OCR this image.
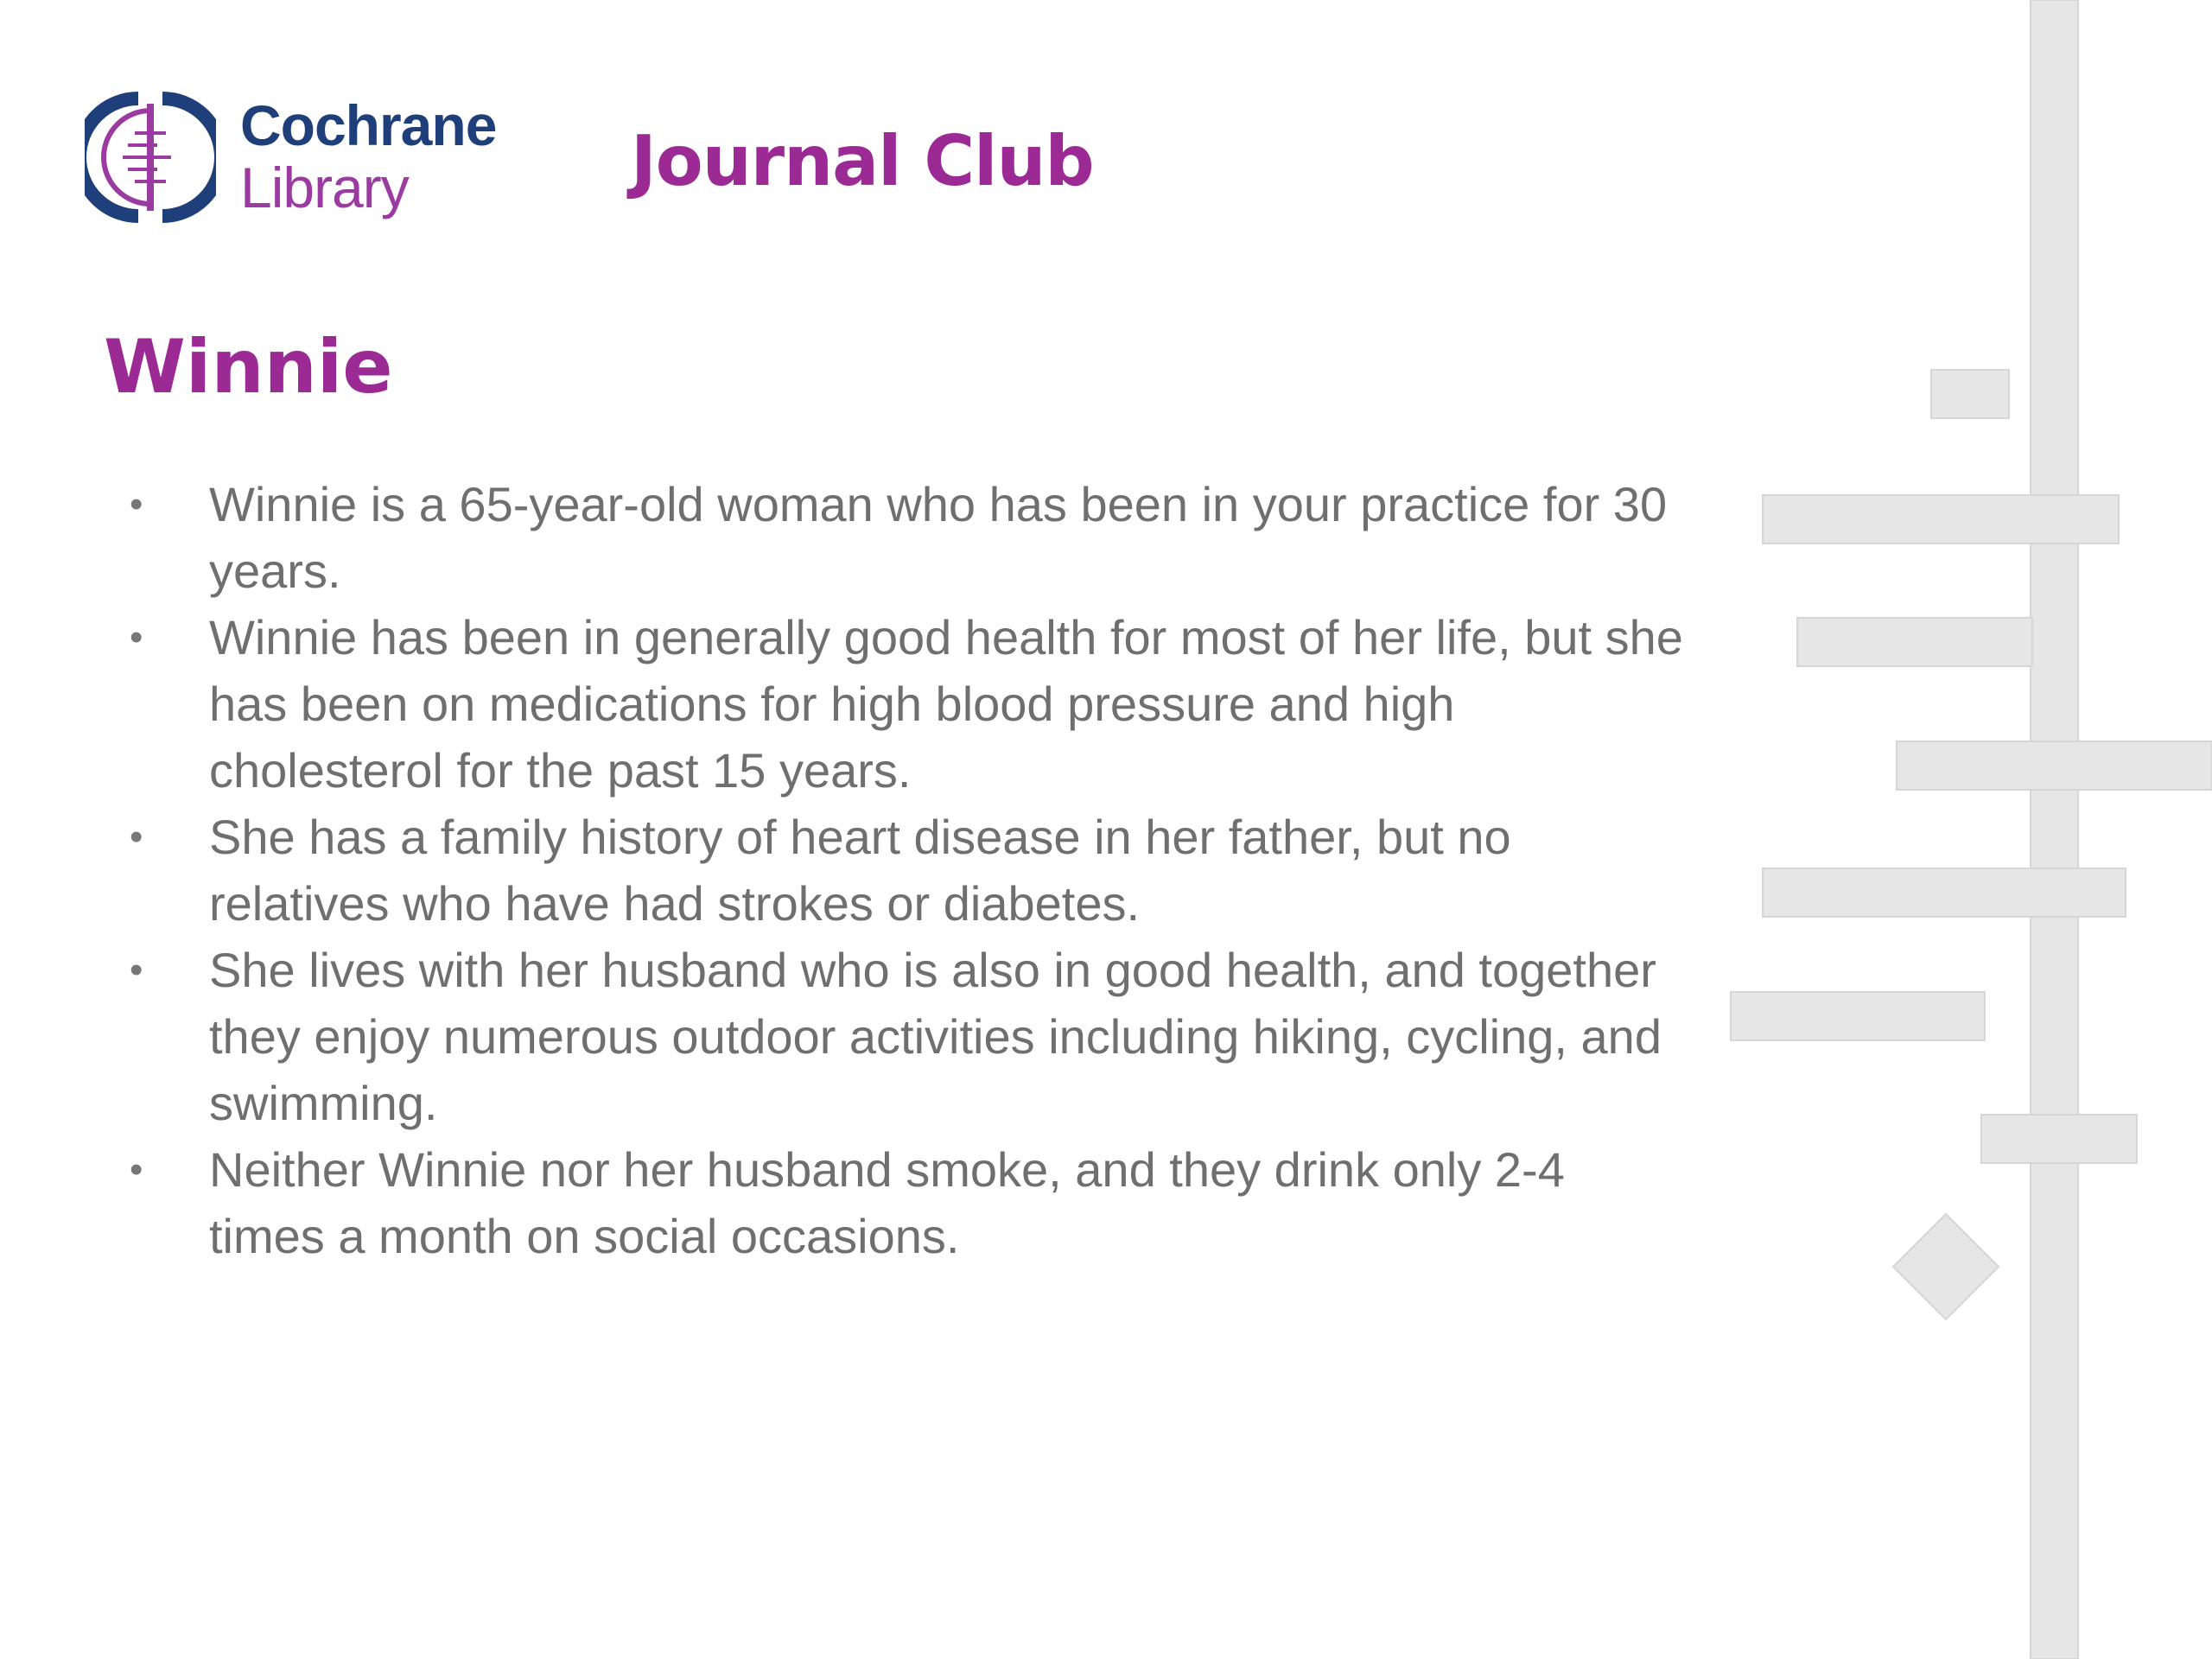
Cochrane
Library	Journal Club
Winnie
• Winnie is a 65-year-old woman who has been in your practice for 30 years.
• Winnie has been in generally good health for most of her life, but she has been on medications for high blood pressure and high cholesterol for the past 15 years.
• She has a family history of heart disease in her father, but no relatives who have had strokes or diabetes.
• She lives with her husband who is also in good health, and together they enjoy numerous outdoor activities including hiking, cycling, and swimming.
• Neither Winnie nor her husband smoke, and they drink only 2-4 times a month on social occasions.
